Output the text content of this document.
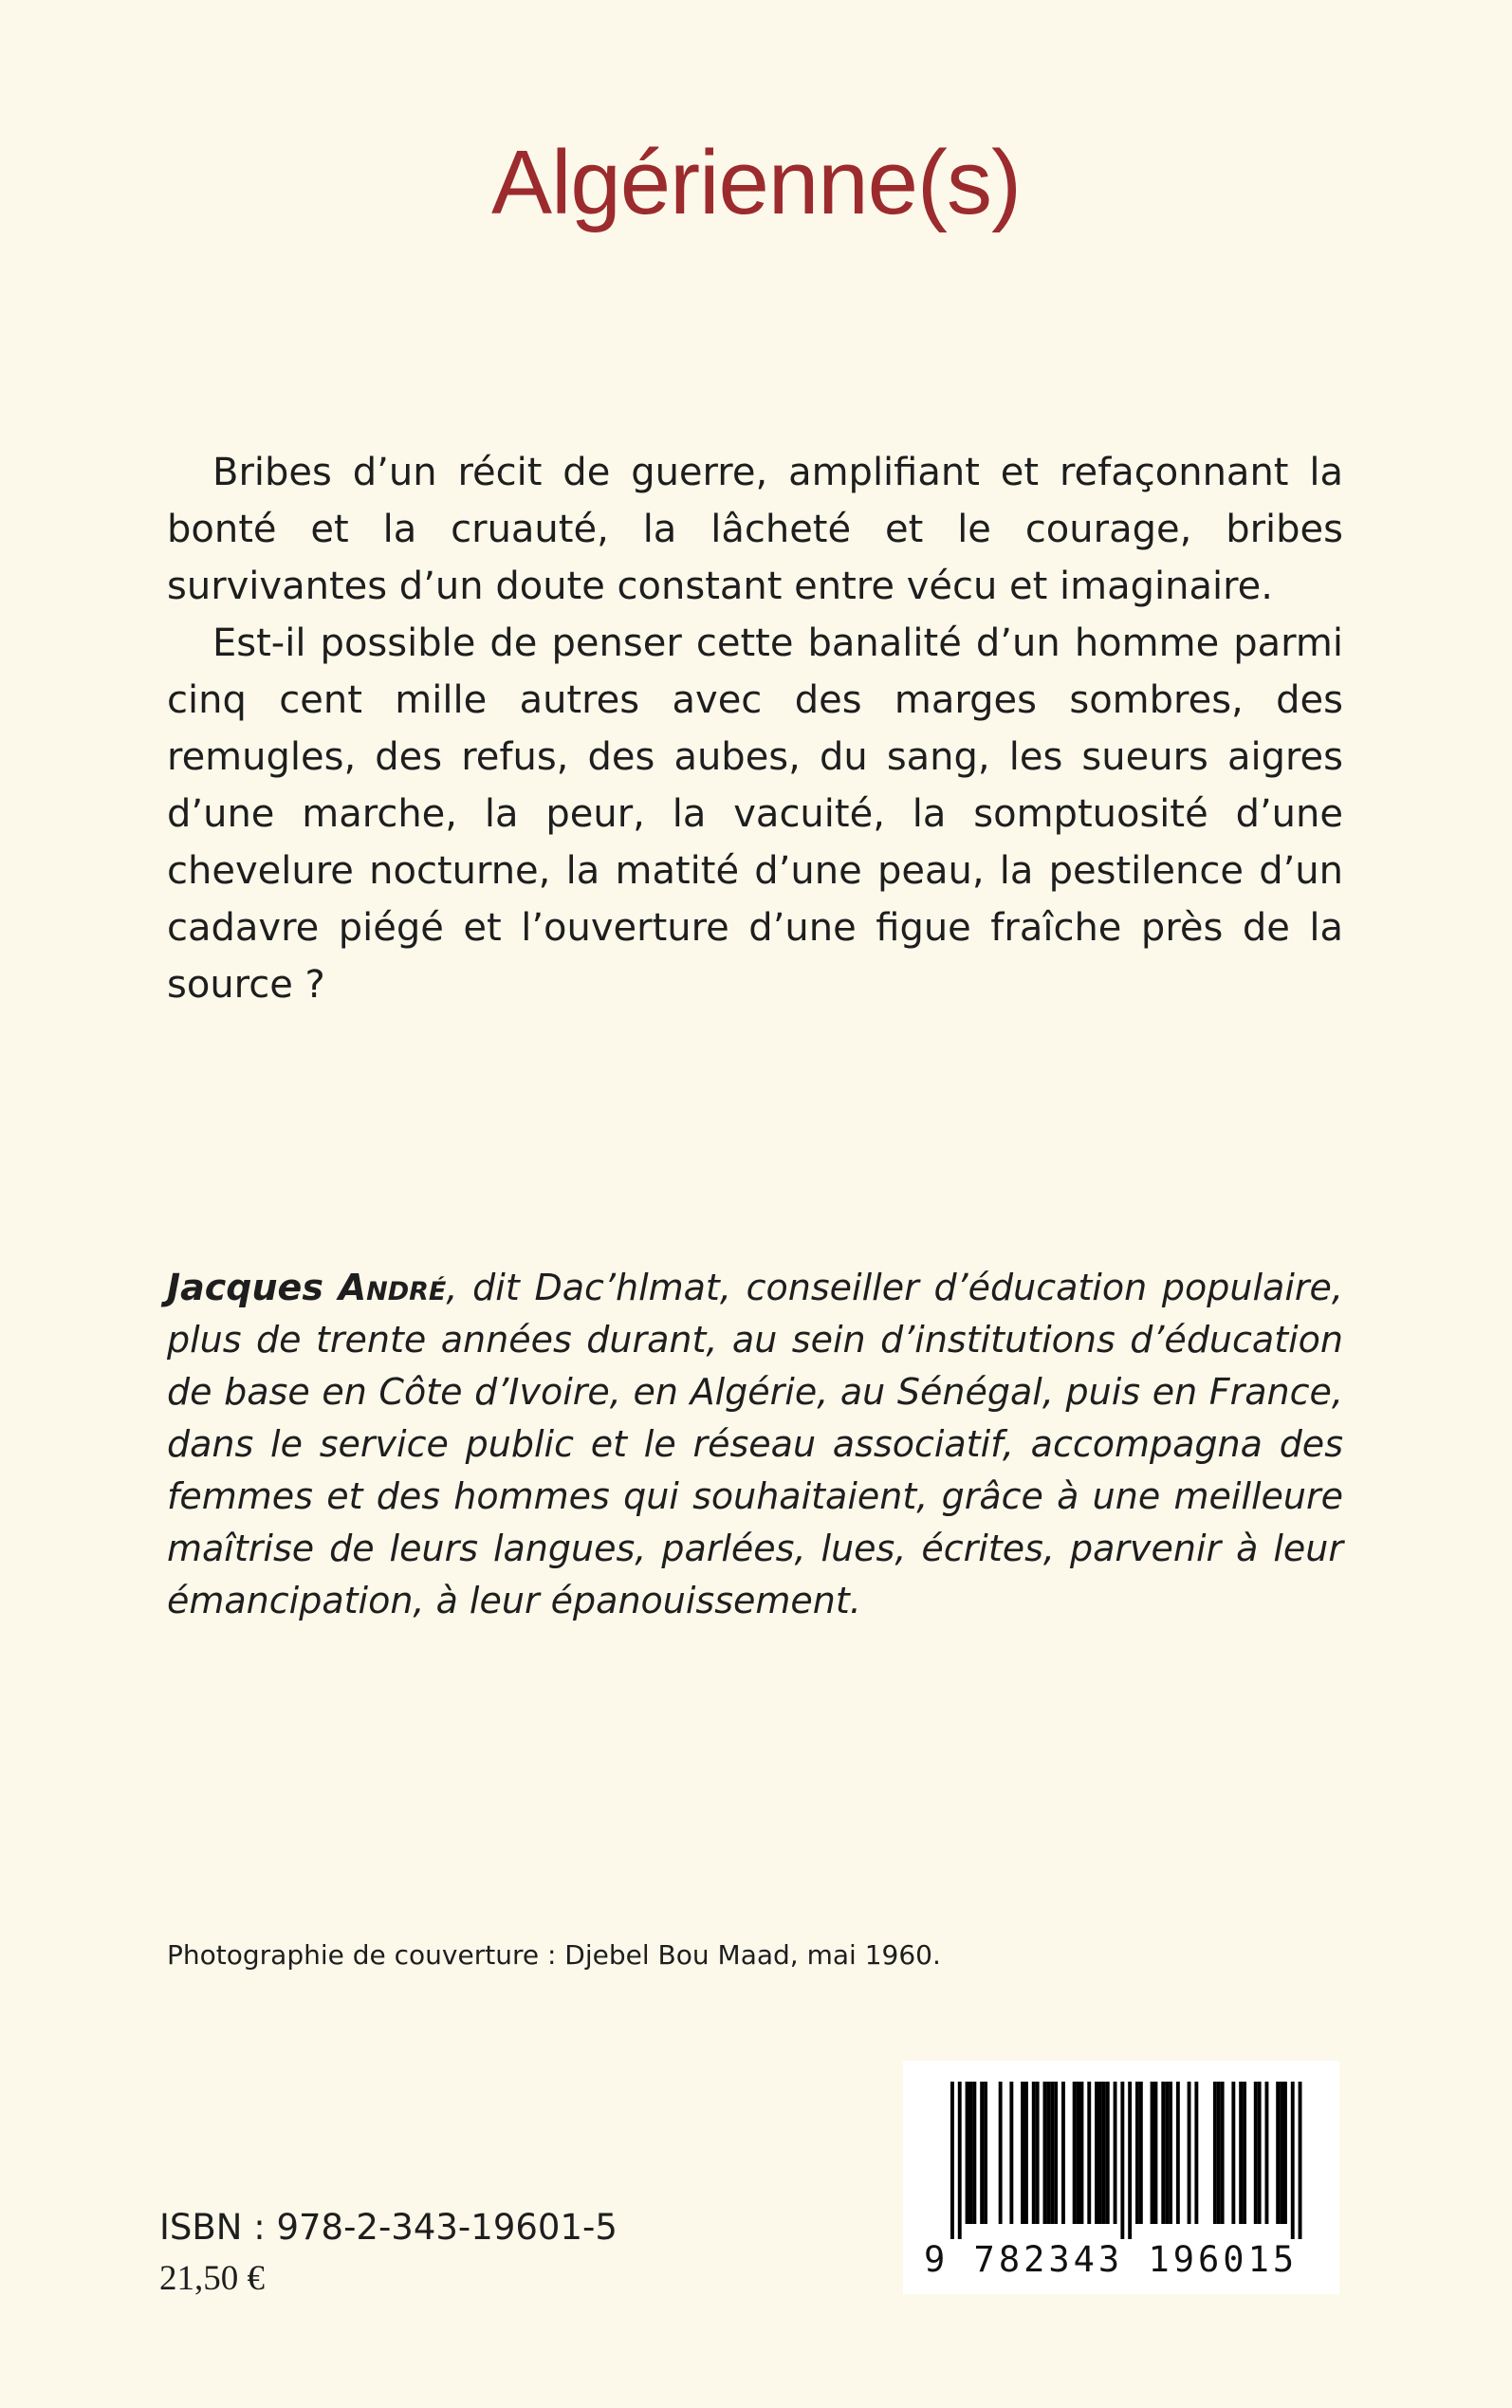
Algérienne(s)

Bribes d’un récit de guerre, amplifiant et refaçonnant la bonté et la cruauté, la lâcheté et le courage, bribes survivantes d’un doute constant entre vécu et imaginaire.

Est-il possible de penser cette banalité d’un homme parmi cinq cent mille autres avec des marges sombres, des remugles, des refus, des aubes, du sang, les sueurs aigres d’une marche, la peur, la vacuité, la somptuosité d’une chevelure nocturne, la matité d’une peau, la pestilence d’un cadavre piégé et l’ouverture d’une figue fraîche près de la source ?

Jacques André, dit Dac’hlmat, conseiller d’éducation populaire, plus de trente années durant, au sein d’institutions d’éducation de base en Côte d’Ivoire, en Algérie, au Sénégal, puis en France, dans le service public et le réseau associatif, accompagna des femmes et des hommes qui souhaitaient, grâce à une meilleure maîtrise de leurs langues, parlées, lues, écrites, parvenir à leur émancipation, à leur épanouissement.

Photographie de couverture : Djebel Bou Maad, mai 1960.

ISBN : 978-2-343-19601-5

21,50 €	9 782343 196015
